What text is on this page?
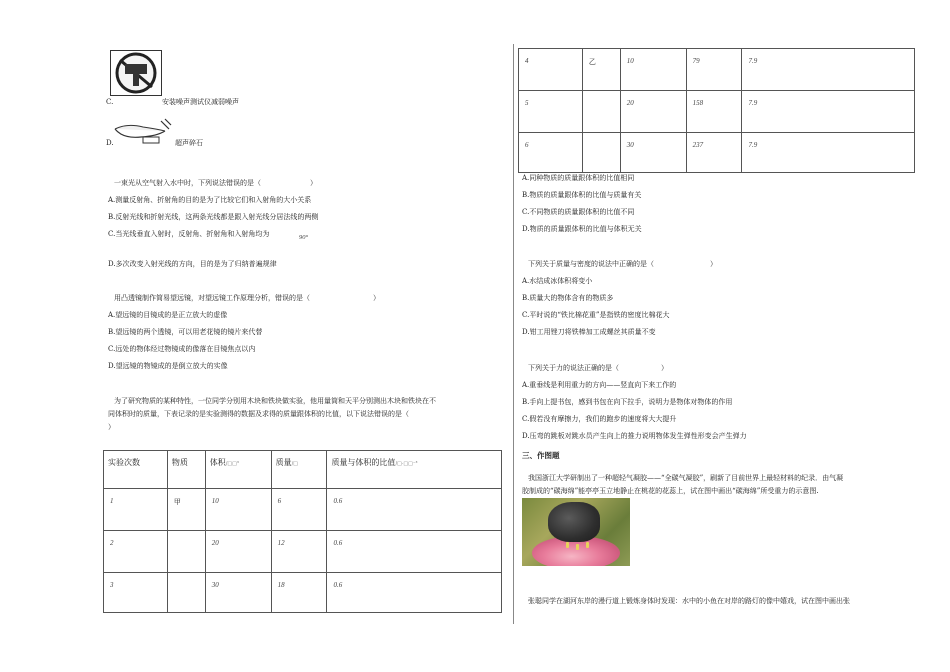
C.	安装噪声测试仪减弱噪声
D.	超声碎石
一束光从空气射入水中时，下列说法错误的是（　　　　　　　）
A.测量反射角、折射角的目的是为了比较它们和入射角的大小关系
B.反射光线和折射光线，这两条光线都是跟入射光线分居法线的两侧
C.当光线垂直入射时，反射角、折射角和入射角均为	90°
D.多次改变入射光线的方向，目的是为了归纳普遍规律
用凸透镜制作简易望远镜，对望远镜工作原理分析，错误的是（　　　　　　　　　）
A.望远镜的目镜成的是正立放大的虚像
B.望远镜的两个透镜，可以用老花镜的镜片来代替
C.远处的物体经过物镜成的像落在目镜焦点以内
D.望远镜的物镜成的是倒立放大的实像
为了研究物质的某种特性，一位同学分别用木块和铁块做实验，他用量筒和天平分别测出木块和铁块在不
同体积时的质量，下表记录的是实验测得的数据及求得的质量跟体积的比值，以下说法错误的是（
）
实验次数	物质	体积/□□³	质量/□	质量与体积的比值/□·□□⁻³

1	甲	10	6	0.6

2		20	12	0.6

3		30	18	0.6
4	乙	10	79	7.9

5		20	158	7.9

6		30	237	7.9
A.同种物质的质量跟体积的比值相同
B.物质的质量跟体积的比值与质量有关
C.不同物质的质量跟体积的比值不同
D.物质的质量跟体积的比值与体积无关
下列关于质量与密度的说法中正确的是（　　　　　　　　）
A.水结成冰体积将变小
B.质量大的物体含有的物质多
C.平时说的“铁比棉花重”是指铁的密度比棉花大
D.钳工用锉刀将铁棒加工成螺丝其质量不变
下列关于力的说法正确的是（　　　　　　）
A.重垂线是利用重力的方向——竖直向下来工作的
B.手向上提书包，感到书包在向下拉手，说明力是物体对物体的作用
C.假若没有摩擦力，我们的跑步的速度将大大提升
D.压弯的跳板对跳水员产生向上的推力说明物体发生弹性形变会产生弹力
三、作图题
我国浙江大学研制出了一种超轻气凝胶——“全碳气凝胶”，刷新了目前世界上最轻材料的纪录．由气凝
胶制成的“碳海绵”能亭亭玉立地静止在桃花的花蕊上，试在图中画出“碳海绵”所受重力的示意图.
张聪同学在湖河东岸的漫行道上锻炼身体时发现：水中的小鱼在对岸的路灯的像中嬉戏，试在图中画出张
